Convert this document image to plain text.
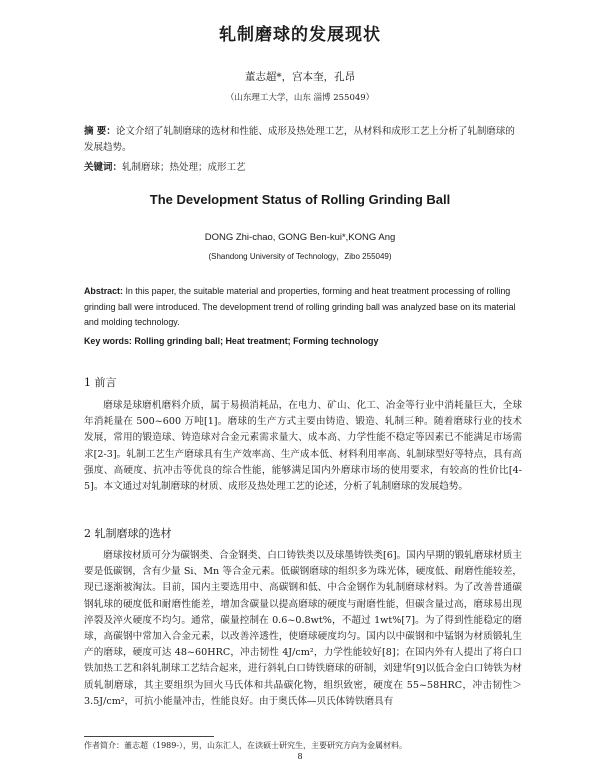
轧制磨球的发展现状
董志超*，宫本奎，孔昂
（山东理工大学，山东 淄博 255049）
摘 要：论文介绍了轧制磨球的选材和性能、成形及热处理工艺，从材料和成形工艺上分析了轧制磨球的发展趋势。
关键词：轧制磨球；热处理；成形工艺
The Development Status of Rolling Grinding Ball
DONG Zhi-chao, GONG Ben-kui*,KONG Ang
(Shandong University of Technology，Zibo 255049)
Abstract: In this paper, the suitable material and properties, forming and heat treatment processing of rolling grinding ball were introduced. The development trend of rolling grinding ball was analyzed base on its material and molding technology.
Key words: Rolling grinding ball; Heat treatment; Forming technology
1 前言
磨球是球磨机磨料介质，属于易损消耗品，在电力、矿山、化工、冶金等行业中消耗量巨大，全球年消耗量在 500~600 万吨[1]。磨球的生产方式主要由铸造、锻造、轧制三种。随着磨球行业的技术发展，常用的锻造球、铸造球对合金元素需求量大、成本高、力学性能不稳定等因素已不能满足市场需求[2-3]。轧制工艺生产磨球具有生产效率高、生产成本低、材料利用率高、轧制球型好等特点，具有高强度、高硬度、抗冲击等优良的综合性能，能够满足国内外磨球市场的使用要求，有较高的性价比[4-5]。本文通过对轧制磨球的材质、成形及热处理工艺的论述，分析了轧制磨球的发展趋势。
2 轧制磨球的选材
磨球按材质可分为碳钢类、合金钢类、白口铸铁类以及球墨铸铁类[6]。国内早期的锻轧磨球材质主要是低碳钢，含有少量 Si、Mn 等合金元素。低碳钢磨球的组织多为珠光体，硬度低、耐磨性能较差，现已逐渐被淘汰。目前，国内主要选用中、高碳钢和低、中合金钢作为轧制磨球材料。为了改善普通碳钢轧球的硬度低和耐磨性能差，增加含碳量以提高磨球的硬度与耐磨性能，但碳含量过高，磨球易出现淬裂及淬火硬度不均匀。通常，碳量控制在 0.6~0.8wt%，不超过 1wt%[7]。为了得到性能稳定的磨球，高碳钢中常加入合金元素，以改善淬透性，使磨球硬度均匀。国内以中碳钢和中锰钢为材质锻轧生产的磨球，硬度可达 48~60HRC，冲击韧性 4J/cm²，力学性能较好[8]；在国内外有人提出了将白口铁加热工艺和斜轧制球工艺结合起来，进行斜轧白口铸铁磨球的研制，刘建华[9]以低合金白口铸铁为材质轧制磨球，其主要组织为回火马氏体和共晶碳化物，组织致密，硬度在 55~58HRC，冲击韧性＞3.5J/cm²，可抗小能量冲击，性能良好。由于奥氏体—贝氏体铸铁磨具有
作者简介：董志超（1989-），男，山东汇人，在读硕士研究生，主要研究方向为金属材料。
8
